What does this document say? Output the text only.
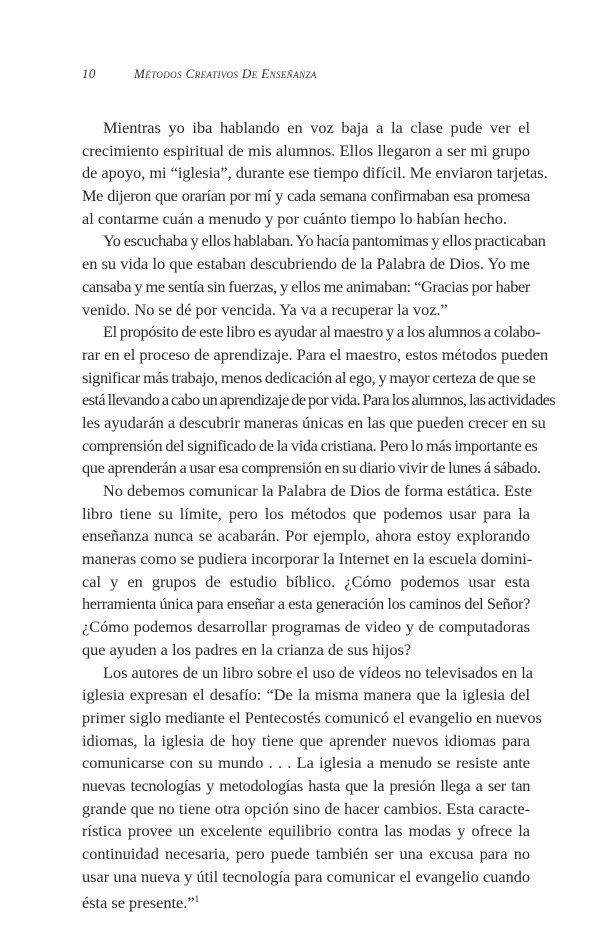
10	Métodos Creativos De Enseñanza
Mientras yo iba hablando en voz baja a la clase pude ver el
crecimiento espiritual de mis alumnos. Ellos llegaron a ser mi grupo
de apoyo, mi “iglesia”, durante ese tiempo difícil. Me enviaron tarjetas.
Me dijeron que orarían por mí y cada semana confirmaban esa promesa
al contarme cuán a menudo y por cuánto tiempo lo habían hecho.
Yo escuchaba y ellos hablaban. Yo hacía pantomimas y ellos practicaban
en su vida lo que estaban descubriendo de la Palabra de Dios. Yo me
cansaba y me sentía sin fuerzas, y ellos me animaban: “Gracias por haber
venido. No se dé por vencida. Ya va a recuperar la voz.”
El propósito de este libro es ayudar al maestro y a los alumnos a colabo-
rar en el proceso de aprendizaje. Para el maestro, estos métodos pueden
significar más trabajo, menos dedicación al ego, y mayor certeza de que se
está llevando a cabo un aprendizaje de por vida. Para los alumnos, las actividades
les ayudarán a descubrir maneras únicas en las que pueden crecer en su
comprensión del significado de la vida cristiana. Pero lo más importante es
que aprenderán a usar esa comprensión en su diario vivir de lunes á sábado.
No debemos comunicar la Palabra de Dios de forma estática. Este
libro tiene su límite, pero los métodos que podemos usar para la
enseñanza nunca se acabarán. Por ejemplo, ahora estoy explorando
maneras como se pudiera incorporar la Internet en la escuela domini-
cal y en grupos de estudio bíblico. ¿Cómo podemos usar esta
herramienta única para enseñar a esta generación los caminos del Señor?
¿Cómo podemos desarrollar programas de video y de computadoras
que ayuden a los padres en la crianza de sus hijos?
Los autores de un libro sobre el uso de vídeos no televisados en la
iglesia expresan el desafío: “De la misma manera que la iglesia del
primer siglo mediante el Pentecostés comunicó el evangelio en nuevos
idiomas, la iglesia de hoy tiene que aprender nuevos idiomas para
comunicarse con su mundo . . . La iglesia a menudo se resiste ante
nuevas tecnologías y metodologías hasta que la presión llega a ser tan
grande que no tiene otra opción sino de hacer cambios. Esta caracte-
rística provee un excelente equilibrio contra las modas y ofrece la
continuidad necesaria, pero puede también ser una excusa para no
usar una nueva y útil tecnología para comunicar el evangelio cuando
ésta se presente.”$^1$
